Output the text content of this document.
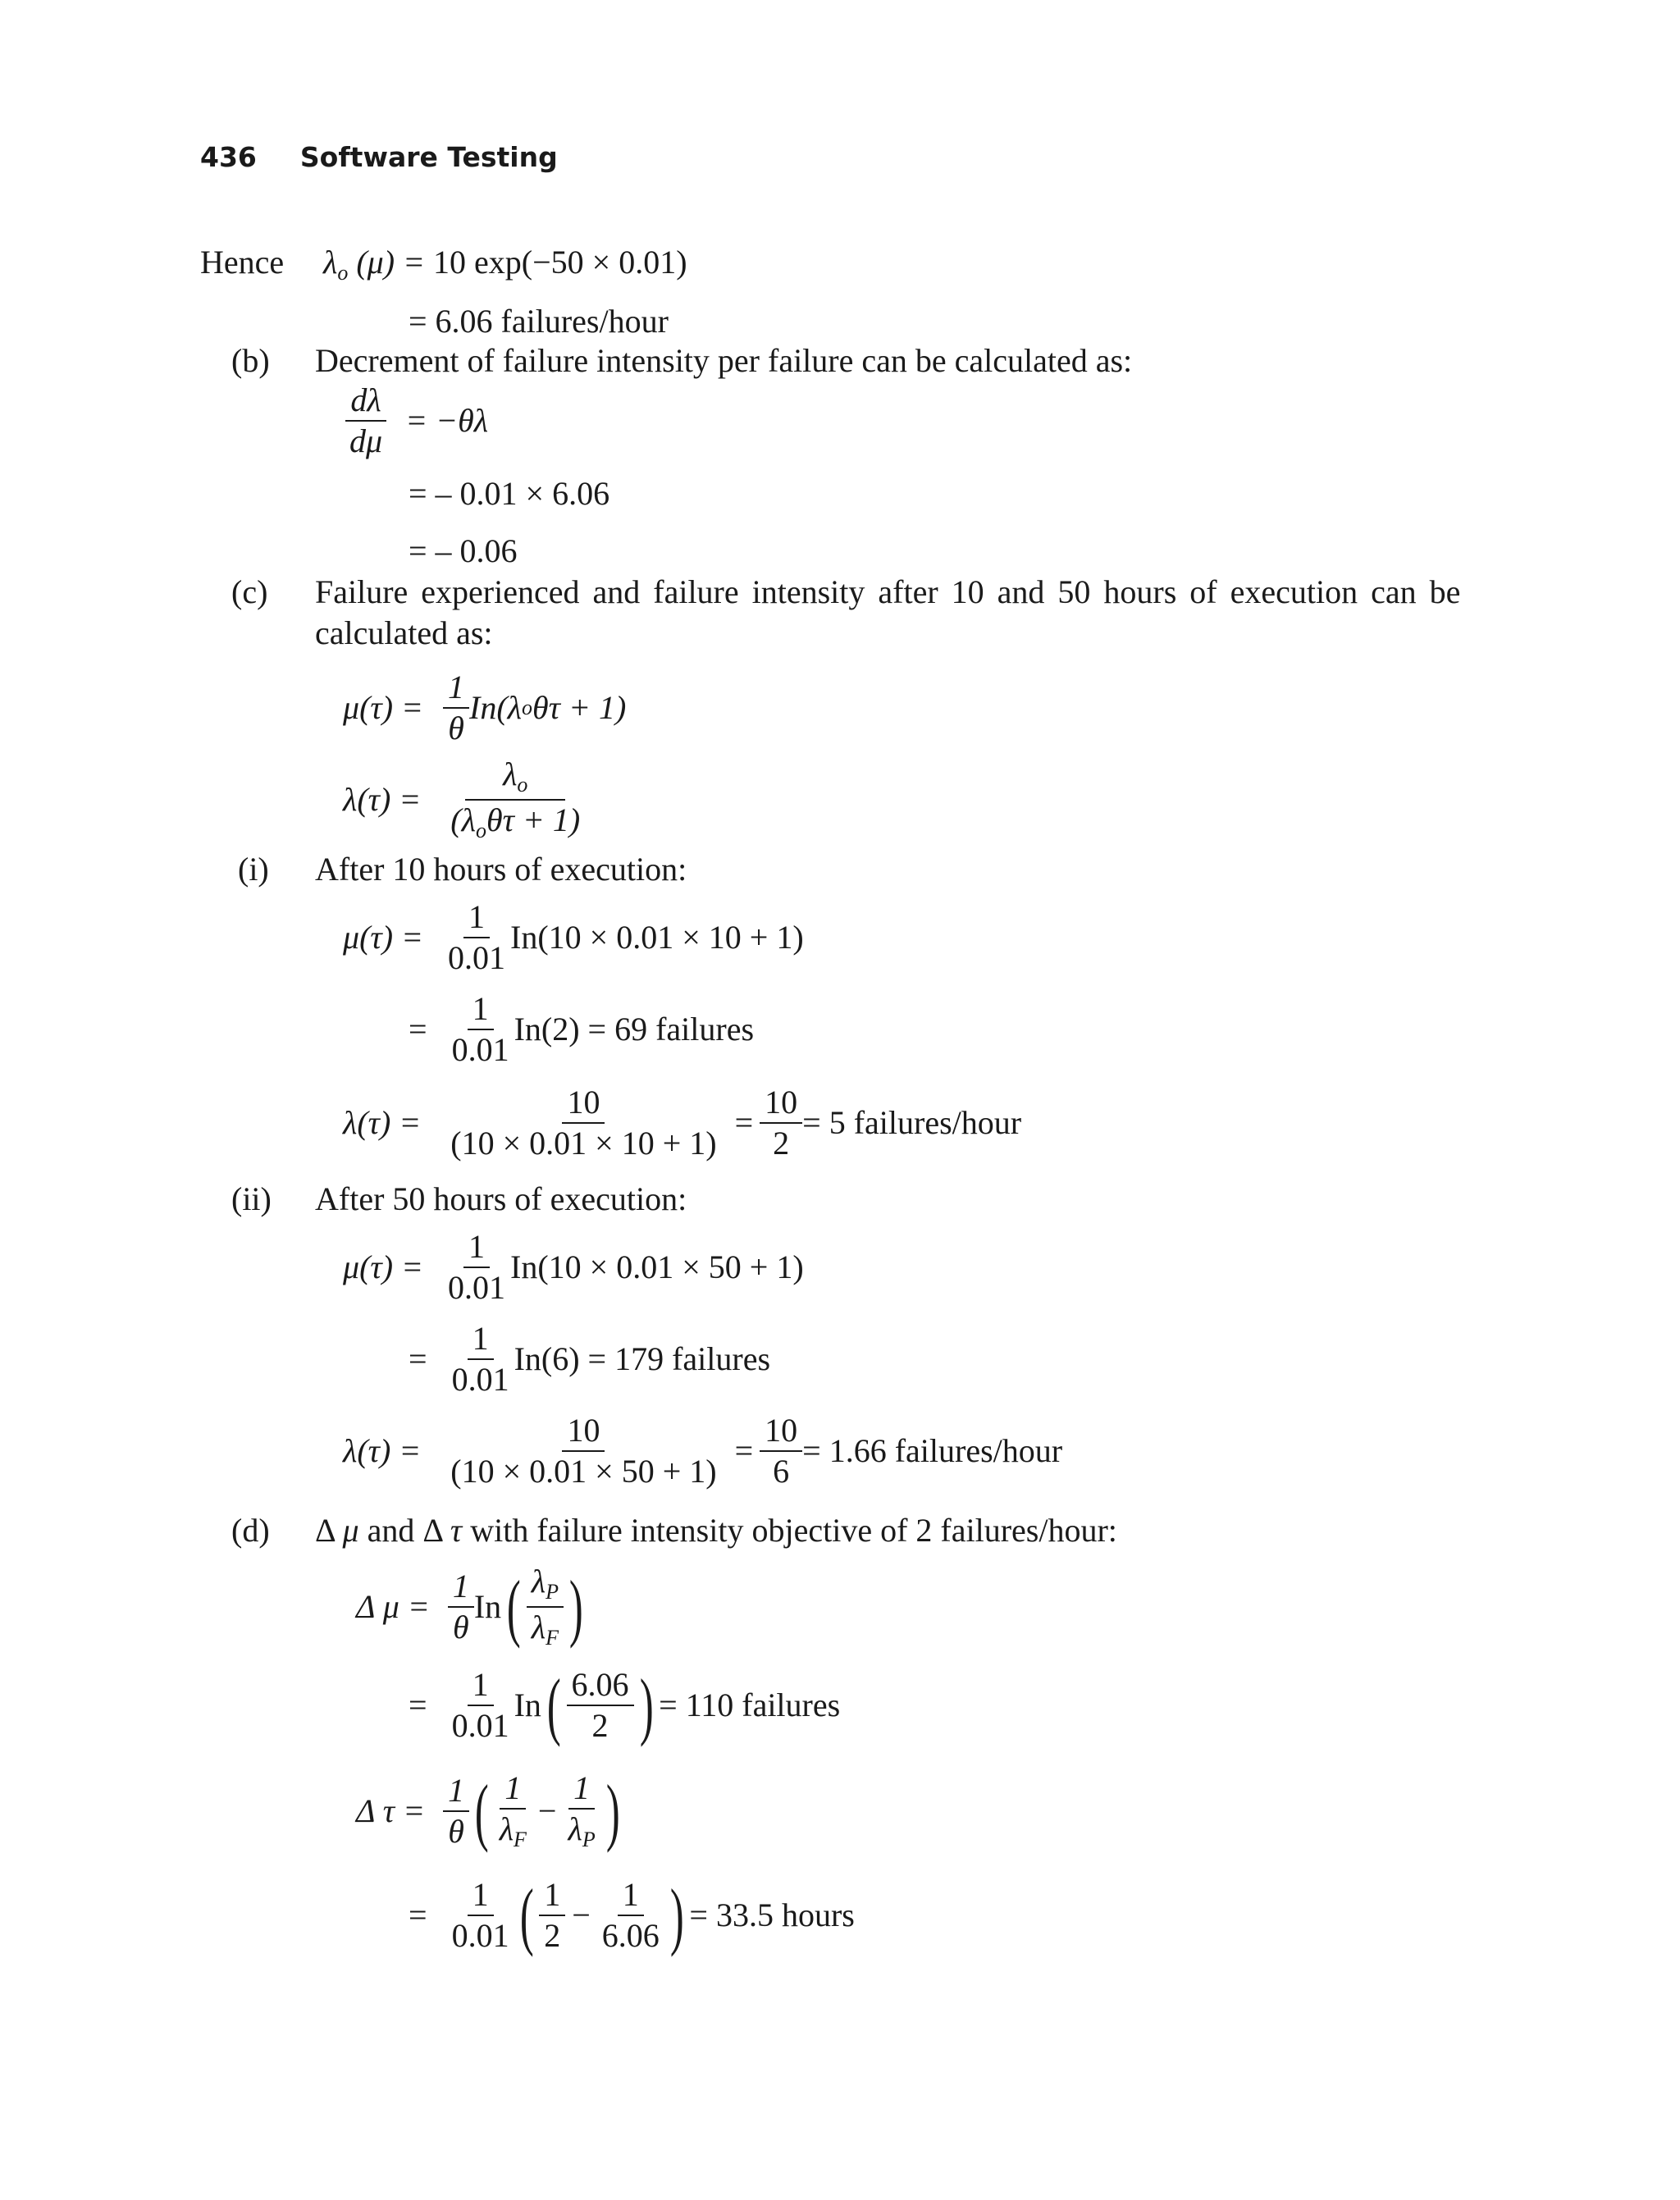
436 Software Testing
Hence $\lambda_o$ (μ) = 10 exp(−50 × 0.01)
= 6.06 failures/hour
(b) Decrement of failure intensity per failure can be calculated as:
$\frac{d\lambda}{d\mu} = -\theta\lambda$
= – 0.01 × 6.06
= – 0.06
(c) Failure experienced and failure intensity after 10 and 50 hours of execution can be
calculated as:
$\mu(\tau) = \frac{1}{\theta} In(\lambda$ o θτ + 1)
$\lambda(\tau) = \frac{\lambda_o}{(\lambda_o\theta\tau + 1)}$
(i) After 10 hours of execution:
$\mu(\tau) = \frac{1}{0.01} In(10 \times 0.01 \times 10 + 1)$
= $\frac{1}{0.01} In(2) = 69$ failures
$\lambda(\tau) = \frac{10}{(10 \times 0.01 \times 10 + 1)} = \frac{10}{2} = 5$ failures/hour
(ii) After 50 hours of execution:
$\mu(\tau) = \frac{1}{0.01} In(10 \times 0.01 \times 50 + 1)$
= $\frac{1}{0.01} In(6) = 179$ failures
$\lambda(\tau) = \frac{10}{(10 \times 0.01 \times 50 + 1)} = \frac{10}{6} = 1.66$ failures/hour
(d) Δ μ and Δ τ with failure intensity objective of 2 failures/hour:
Δ $\mu = \frac{1}{\theta}$ In ( $\frac{\lambda_P}{\lambda_F}$ )
= $\frac{1}{0.01}$ In ( $\frac{6.06}{2}$ ) = 110 failures
Δ $\tau = \frac{1}{\theta}$ ( $\frac{1}{\lambda_F} - \frac{1}{\lambda_P}$ )
= $\frac{1}{0.01}$ ( $\frac{1}{2} - \frac{1}{6.06}$ ) = 33.5 hours
